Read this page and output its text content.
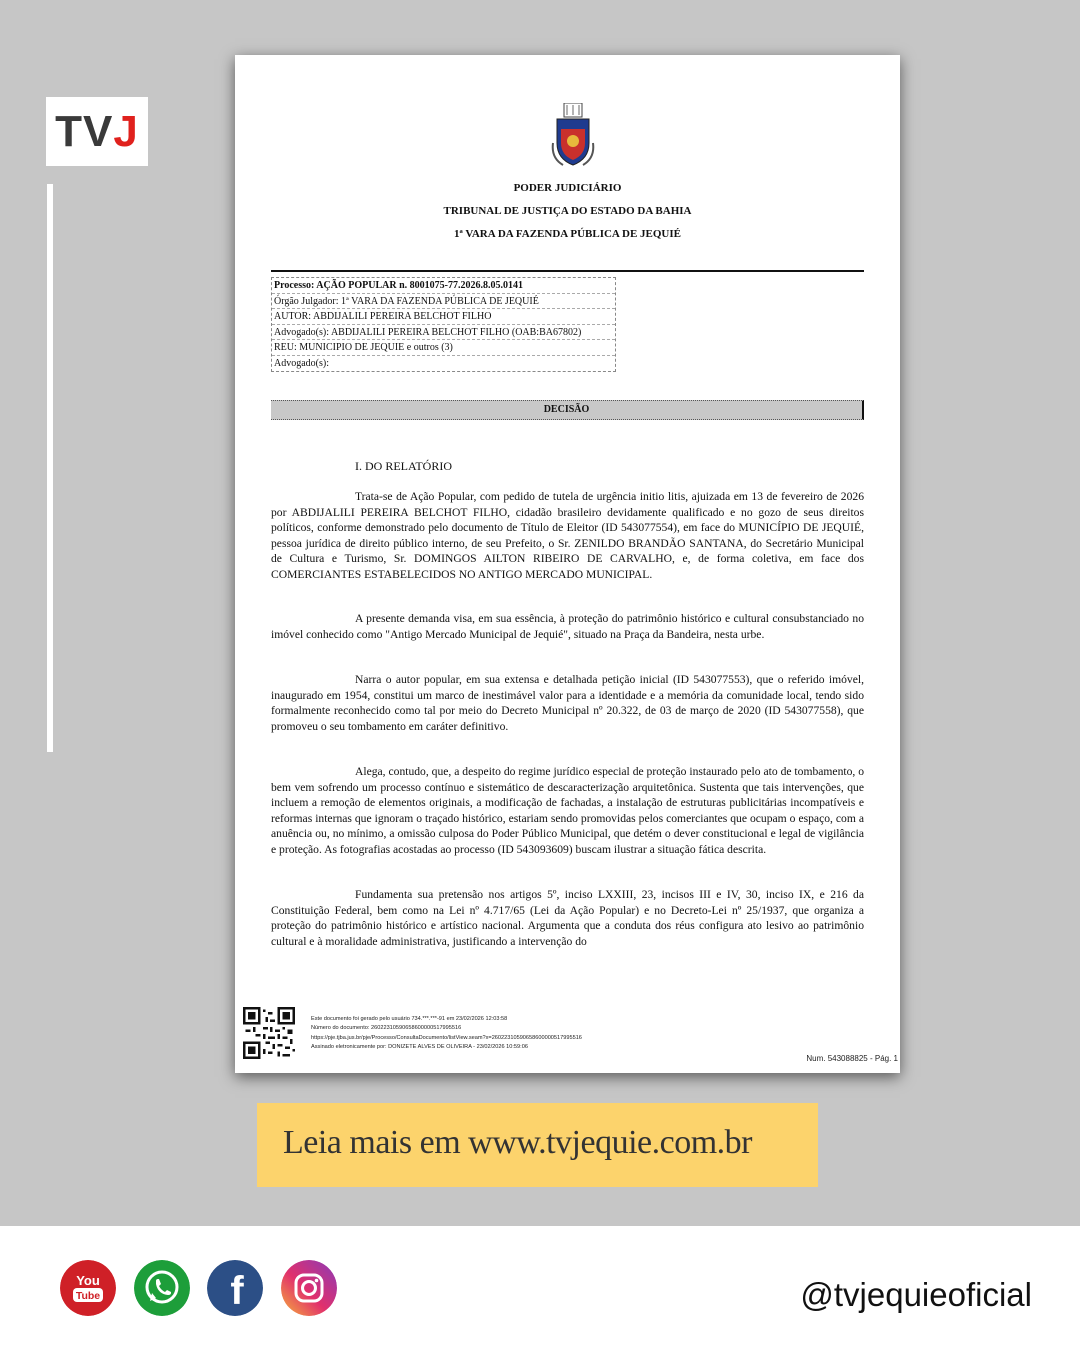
TV J
PODER JUDICIÁRIO
TRIBUNAL DE JUSTIÇA DO ESTADO DA BAHIA
1ª VARA DA FAZENDA PÚBLICA DE JEQUIÉ
Processo: AÇÃO POPULAR n. 8001075-77.2026.8.05.0141
Órgão Julgador: 1ª VARA DA FAZENDA PÚBLICA DE JEQUIÉ
AUTOR: ABDIJALILI PEREIRA BELCHOT FILHO
Advogado(s): ABDIJALILI PEREIRA BELCHOT FILHO (OAB:BA67802)
REU: MUNICIPIO DE JEQUIE e outros (3)
Advogado(s):
DECISÃO
I. DO RELATÓRIO

Trata-se de Ação Popular, com pedido de tutela de urgência initio litis, ajuizada em 13 de fevereiro de 2026 por ABDIJALILI PEREIRA BELCHOT FILHO, cidadão brasileiro devidamente qualificado e no gozo de seus direitos políticos, conforme demonstrado pelo documento de Título de Eleitor (ID 543077554), em face do MUNICÍPIO DE JEQUIÉ, pessoa jurídica de direito público interno, de seu Prefeito, o Sr. ZENILDO BRANDÃO SANTANA, do Secretário Municipal de Cultura e Turismo, Sr. DOMINGOS AILTON RIBEIRO DE CARVALHO, e, de forma coletiva, em face dos COMERCIANTES ESTABELECIDOS NO ANTIGO MERCADO MUNICIPAL.

A presente demanda visa, em sua essência, à proteção do patrimônio histórico e cultural consubstanciado no imóvel conhecido como "Antigo Mercado Municipal de Jequié", situado na Praça da Bandeira, nesta urbe.

Narra o autor popular, em sua extensa e detalhada petição inicial (ID 543077553), que o referido imóvel, inaugurado em 1954, constitui um marco de inestimável valor para a identidade e a memória da comunidade local, tendo sido formalmente reconhecido como tal por meio do Decreto Municipal nº 20.322, de 03 de março de 2020 (ID 543077558), que promoveu o seu tombamento em caráter definitivo.

Alega, contudo, que, a despeito do regime jurídico especial de proteção instaurado pelo ato de tombamento, o bem vem sofrendo um processo contínuo e sistemático de descaracterização arquitetônica. Sustenta que tais intervenções, que incluem a remoção de elementos originais, a modificação de fachadas, a instalação de estruturas publicitárias incompatíveis e reformas internas que ignoram o traçado histórico, estariam sendo promovidas pelos comerciantes que ocupam o espaço, com a anuência ou, no mínimo, a omissão culposa do Poder Público Municipal, que detém o dever constitucional e legal de vigilância e proteção. As fotografias acostadas ao processo (ID 543093609) buscam ilustrar a situação fática descrita.

Fundamenta sua pretensão nos artigos 5º, inciso LXXIII, 23, incisos III e IV, 30, inciso IX, e 216 da Constituição Federal, bem como na Lei nº 4.717/65 (Lei da Ação Popular) e no Decreto-Lei nº 25/1937, que organiza a proteção do patrimônio histórico e artístico nacional. Argumenta que a conduta dos réus configura ato lesivo ao patrimônio cultural e à moralidade administrativa, justificando a intervenção do

Este documento foi gerado pelo usuário 734.***.***-91 em 23/02/2026 12:03:58
Número do documento: 26022310590658600000517995516
https://pje.tjba.jus.br/pje/Processo/ConsultaDocumento/listView.seam?x=26022310590658600000517995516
Assinado eletronicamente por: DONIZETE ALVES DE OLIVEIRA - 23/02/2026 10:59:06
Num. 543088825 - Pág. 1
Leia mais em www.tvjequie.com.br
You
Tube	f	@tvjequieoficial
